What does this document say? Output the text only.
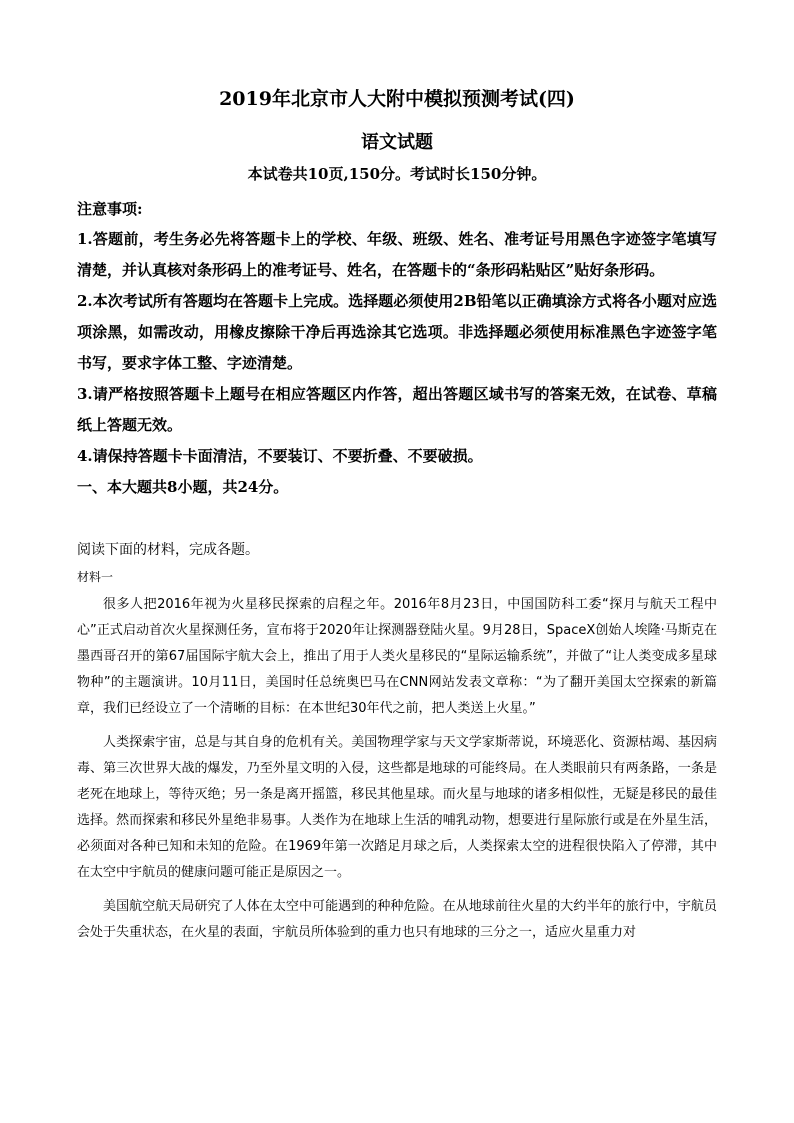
2019年北京市人大附中模拟预测考试(四)
语文试题
本试卷共10页,150分。考试时长150分钟。

注意事项:

1.答题前，考生务必先将答题卡上的学校、年级、班级、姓名、准考证号用黑色字迹签字笔填写清楚，并认真核对条形码上的准考证号、姓名，在答题卡的“条形码粘贴区”贴好条形码。

2.本次考试所有答题均在答题卡上完成。选择题必须使用2B铅笔以正确填涂方式将各小题对应选项涂黑，如需改动，用橡皮擦除干净后再选涂其它选项。非选择题必须使用标准黑色字迹签字笔书写，要求字体工整、字迹清楚。

3.请严格按照答题卡上题号在相应答题区内作答，超出答题区域书写的答案无效，在试卷、草稿纸上答题无效。

4.请保持答题卡卡面清洁，不要装订、不要折叠、不要破损。

一、本大题共8小题，共24分。

阅读下面的材料，完成各题。

材料一

很多人把2016年视为火星移民探索的启程之年。2016年8月23日，中国国防科工委“探月与航天工程中心”正式启动首次火星探测任务，宣布将于2020年让探测器登陆火星。9月28日，SpaceX创始人埃隆·马斯克在墨西哥召开的第67届国际宇航大会上，推出了用于人类火星移民的“星际运输系统”，并做了“让人类变成多星球物种”的主题演讲。10月11日，美国时任总统奥巴马在CNN网站发表文章称：“为了翻开美国太空探索的新篇章，我们已经设立了一个清晰的目标：在本世纪30年代之前，把人类送上火星。”

人类探索宇宙，总是与其自身的危机有关。美国物理学家与天文学家斯蒂说，环境恶化、资源枯竭、基因病毒、第三次世界大战的爆发，乃至外星文明的入侵，这些都是地球的可能终局。在人类眼前只有两条路，一条是老死在地球上，等待灭绝；另一条是离开摇篮，移民其他星球。而火星与地球的诸多相似性，无疑是移民的最佳选择。然而探索和移民外星绝非易事。人类作为在地球上生活的哺乳动物，想要进行星际旅行或是在外星生活，必须面对各种已知和未知的危险。在1969年第一次踏足月球之后，人类探索太空的进程很快陷入了停滞，其中在太空中宇航员的健康问题可能正是原因之一。

美国航空航天局研究了人体在太空中可能遇到的种种危险。在从地球前往火星的大约半年的旅行中，宇航员会处于失重状态，在火星的表面，宇航员所体验到的重力也只有地球的三分之一，适应火星重力对
